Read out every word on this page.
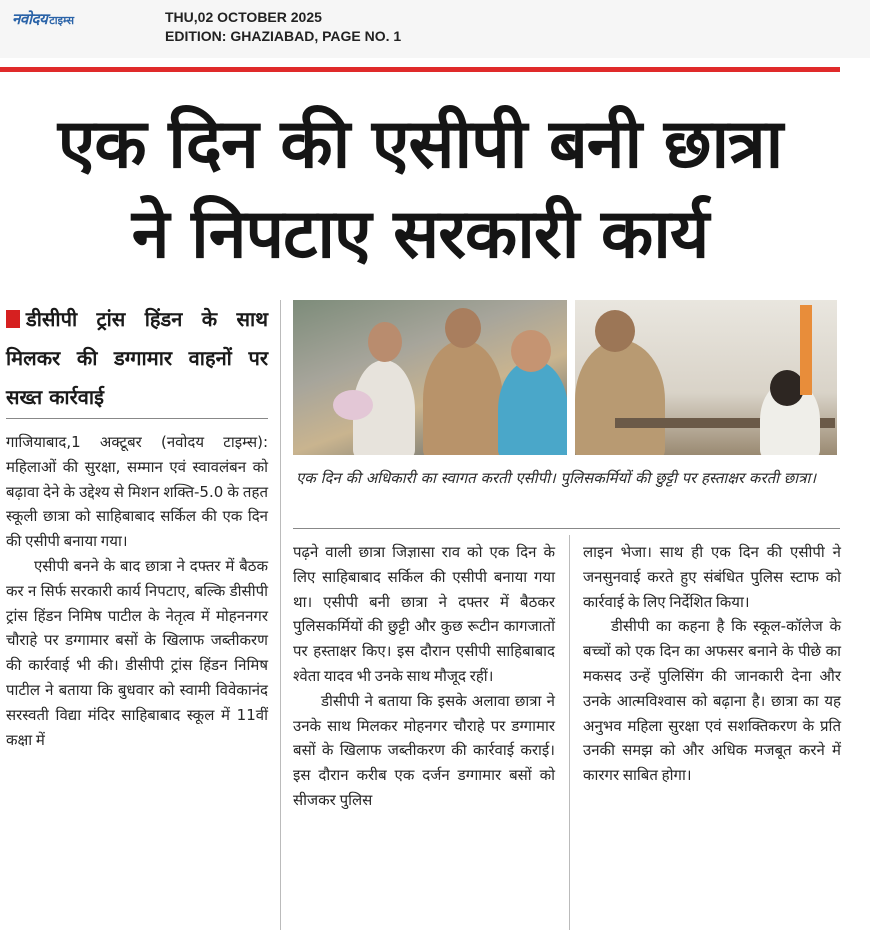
नवोदय टाइम्स	THU,02 OCTOBER 2025
EDITION: GHAZIABAD, PAGE NO. 1
एक दिन की एसीपी बनी छात्रा
ने निपटाए सरकारी कार्य
डीसीपी ट्रांस हिंडन के साथ मिलकर की डग्गामार वाहनों पर सख्त कार्रवाई
एक दिन की अधिकारी का स्वागत करती एसीपी। पुलिसकर्मियों की छुट्टी पर हस्ताक्षर करती छात्रा।

गाजियाबाद,1 अक्टूबर (नवोदय टाइम्स): महिलाओं की सुरक्षा, सम्मान एवं स्वावलंबन को बढ़ावा देने के उद्देश्य से मिशन शक्ति-5.0 के तहत स्कूली छात्रा को साहिबाबाद सर्किल की एक दिन की एसीपी बनाया गया।

एसीपी बनने के बाद छात्रा ने दफ्तर में बैठक कर न सिर्फ सरकारी कार्य निपटाए, बल्कि डीसीपी ट्रांस हिंडन निमिष पाटील के नेतृत्व में मोहननगर चौराहे पर डग्गामार बसों के खिलाफ जब्तीकरण की कार्रवाई भी की। डीसीपी ट्रांस हिंडन निमिष पाटील ने बताया कि बुधवार को स्वामी विवेकानंद सरस्वती विद्या मंदिर साहिबाबाद स्कूल में 11वीं कक्षा में

पढ़ने वाली छात्रा जिज्ञासा राव को एक दिन के लिए साहिबाबाद सर्किल की एसीपी बनाया गया था। एसीपी बनी छात्रा ने दफ्तर में बैठकर पुलिसकर्मियों की छुट्टी और कुछ रूटीन कागजातों पर हस्ताक्षर किए। इस दौरान एसीपी साहिबाबाद श्वेता यादव भी उनके साथ मौजूद रहीं।

डीसीपी ने बताया कि इसके अलावा छात्रा ने उनके साथ मिलकर मोहनगर चौराहे पर डग्गामार बसों के खिलाफ जब्तीकरण की कार्रवाई कराई। इस दौरान करीब एक दर्जन डग्गामार बसों को सीजकर पुलिस

लाइन भेजा। साथ ही एक दिन की एसीपी ने जनसुनवाई करते हुए संबंधित पुलिस स्टाफ को कार्रवाई के लिए निर्देशित किया।

डीसीपी का कहना है कि स्कूल-कॉलेज के बच्चों को एक दिन का अफसर बनाने के पीछे का मकसद उन्हें पुलिसिंग की जानकारी देना और उनके आत्मविश्वास को बढ़ाना है। छात्रा का यह अनुभव महिला सुरक्षा एवं सशक्तिकरण के प्रति उनकी समझ को और अधिक मजबूत करने में कारगर साबित होगा।
